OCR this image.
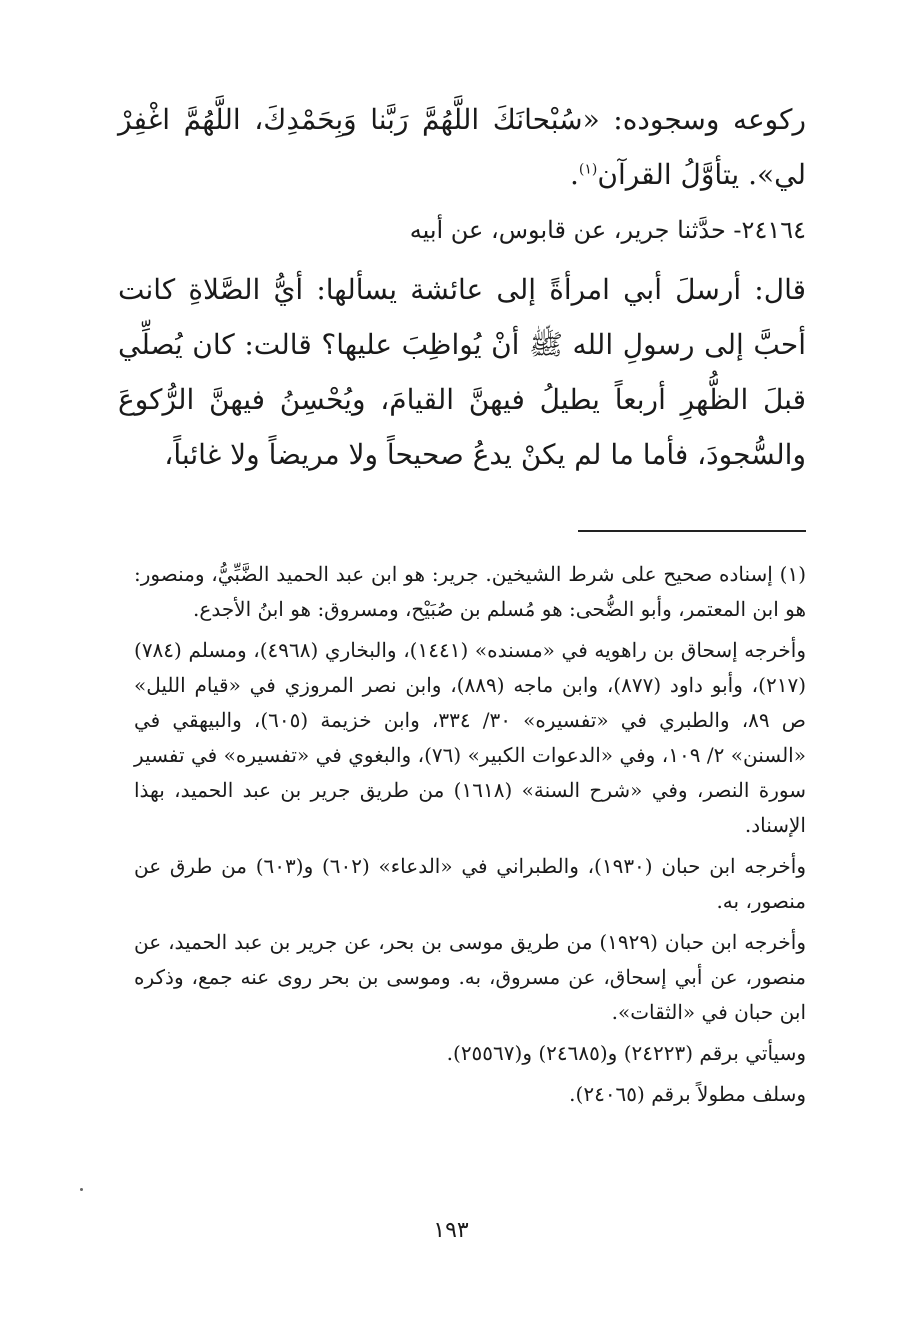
ركوعه وسجوده: «سُبْحانَكَ اللَّهُمَّ رَبَّنا وَبِحَمْدِكَ، اللَّهُمَّ اغْفِرْ لي». يتأوَّلُ القرآن$^{(١)}$.

٢٤١٦٤- حدَّثنا جرير، عن قابوس، عن أبيه

قال: أرسلَ أبي امرأةً إلى عائشة يسألها: أيُّ الصَّلاةِ كانت أحبَّ إلى رسولِ الله ﷺ أنْ يُواظِبَ عليها؟ قالت: كان يُصلِّي قبلَ الظُّهرِ أربعاً يطيلُ فيهنَّ القيامَ، ويُحْسِنُ فيهنَّ الرُّكوعَ والسُّجودَ، فأما ما لم يكنْ يدعُ صحيحاً ولا مريضاً ولا غائباً،

(١) إسناده صحيح على شرط الشيخين. جرير: هو ابن عبد الحميد الضَّبِّيُّ، ومنصور: هو ابن المعتمر، وأبو الضُّحى: هو مُسلم بن صُبَيْح، ومسروق: هو ابنُ الأجدع.

وأخرجه إسحاق بن راهويه في «مسنده» (١٤٤١)، والبخاري (٤٩٦٨)، ومسلم (٧٨٤) (٢١٧)، وأبو داود (٨٧٧)، وابن ماجه (٨٨٩)، وابن نصر المروزي في «قيام الليل» ص ٨٩، والطبري في «تفسيره» ٣٠/ ٣٣٤، وابن خزيمة (٦٠٥)، والبيهقي في «السنن» ٢/ ١٠٩، وفي «الدعوات الكبير» (٧٦)، والبغوي في «تفسيره» في تفسير سورة النصر، وفي «شرح السنة» (١٦١٨) من طريق جرير بن عبد الحميد، بهذا الإسناد.

وأخرجه ابن حبان (١٩٣٠)، والطبراني في «الدعاء» (٦٠٢) و(٦٠٣) من طرق عن منصور، به.

وأخرجه ابن حبان (١٩٢٩) من طريق موسى بن بحر، عن جرير بن عبد الحميد، عن منصور، عن أبي إسحاق، عن مسروق، به. وموسى بن بحر روى عنه جمع، وذكره ابن حبان في «الثقات».

وسيأتي برقم (٢٤٢٢٣) و(٢٤٦٨٥) و(٢٥٥٦٧).

وسلف مطولاً برقم (٢٤٠٦٥).

١٩٣
